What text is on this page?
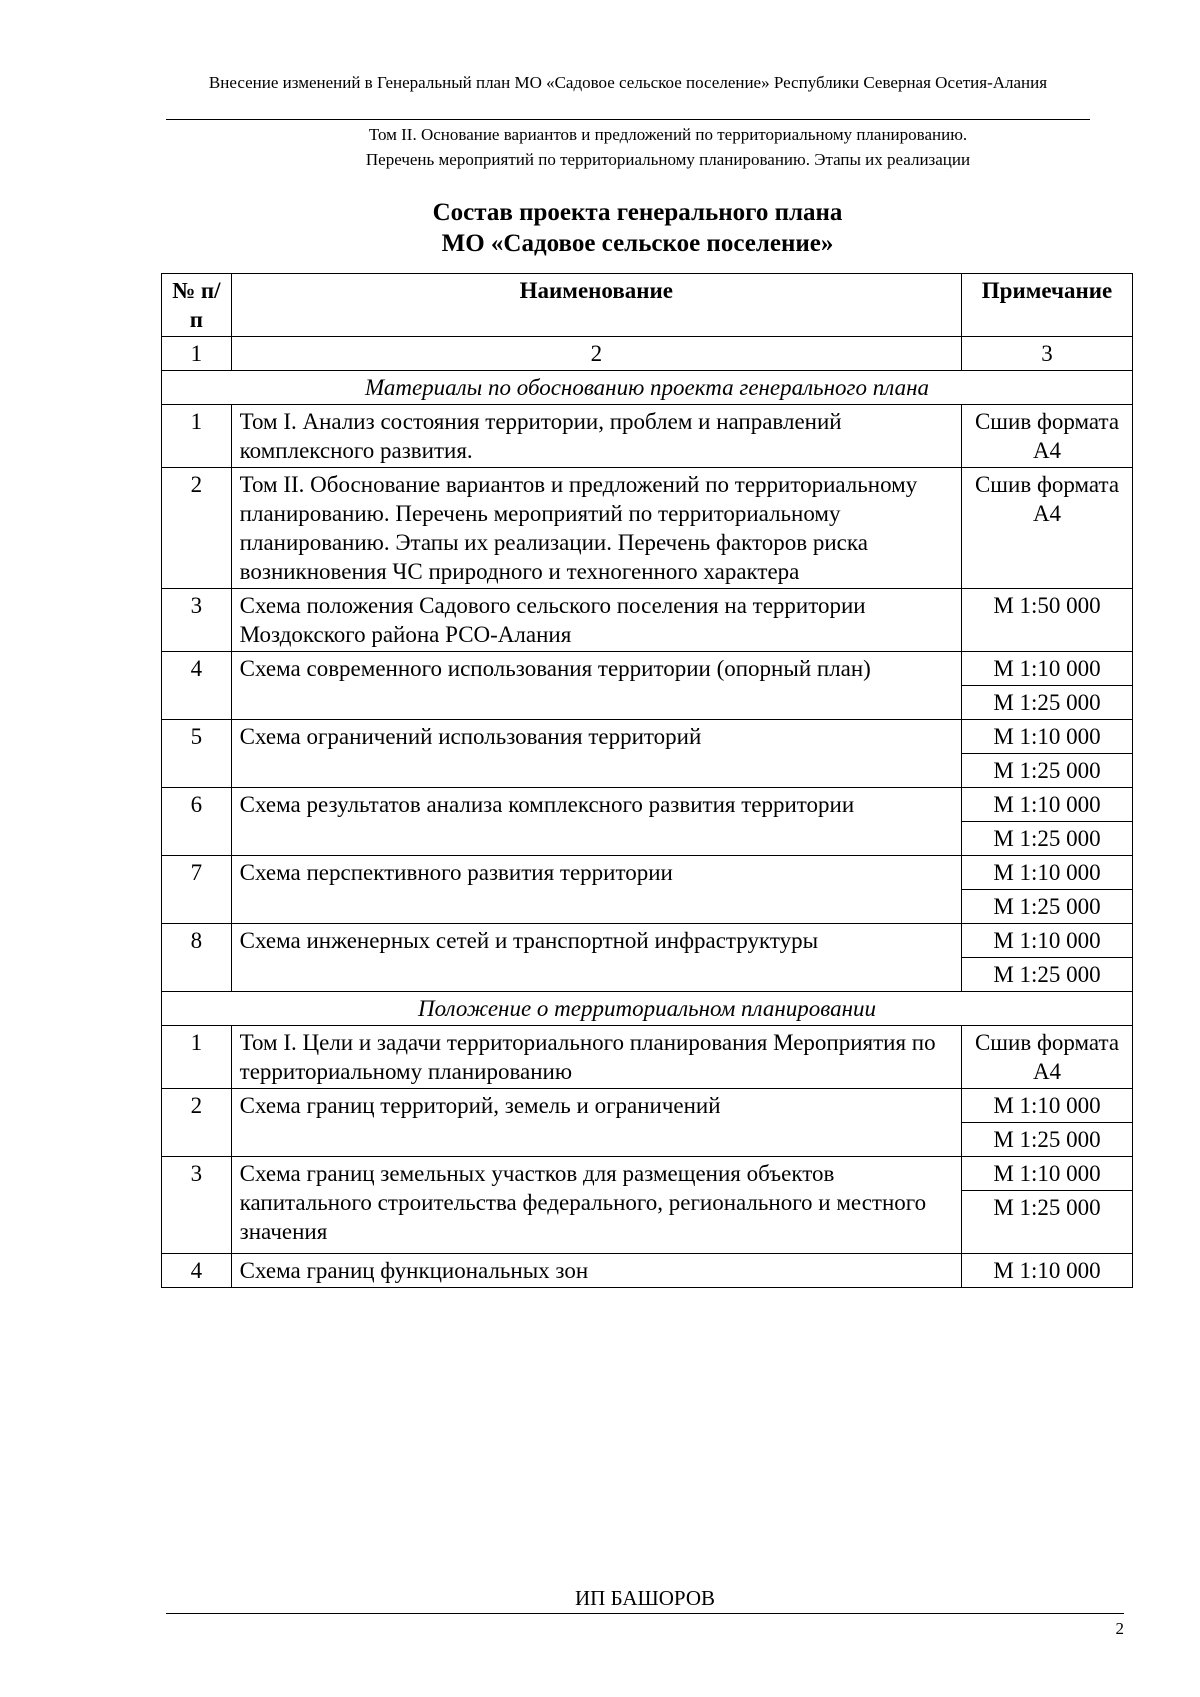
Внесение изменений в Генеральный план МО «Садовое сельское поселение» Республики Северная Осетия-Алания
Том II. Основание вариантов и предложений по территориальному планированию.
Перечень мероприятий по территориальному планированию. Этапы их реализации
Состав проекта генерального плана
МО «Садовое сельское поселение»
№ п/п	Наименование	Примечание
1	2	3
Материалы по обоснованию проекта генерального плана		
1	Том I. Анализ состояния территории, проблем и направлений комплексного развития.	Сшив формата А4
2	Том II. Обоснование вариантов и предложений по территориальному планированию. Перечень мероприятий по территориальному планированию. Этапы их реализации. Перечень факторов риска возникновения ЧС природного и техногенного характера	Сшив формата А4
3	Схема положения Садового сельского поселения на территории Моздокского района РСО-Алания	М 1:50 000
4	Схема современного использования территории (опорный план)	М 1:10 000
		М 1:25 000
5	Схема ограничений использования территорий	М 1:10 000
		М 1:25 000
6	Схема результатов анализа комплексного развития территории	М 1:10 000
		М 1:25 000
7	Схема перспективного развития территории	М 1:10 000
		М 1:25 000
8	Схема инженерных сетей и транспортной инфраструктуры	М 1:10 000
		М 1:25 000
Положение о территориальном планировании		
1	Том I. Цели и задачи территориального планирования Мероприятия по территориальному планированию	Сшив формата А4
2	Схема границ территорий, земель и ограничений	М 1:10 000
		М 1:25 000
3	Схема границ земельных участков для размещения объектов капитального строительства федерального, регионального и местного значения	М 1:10 000
		М 1:25 000
4	Схема границ функциональных зон	М 1:10 000
ИП БАШОРОВ
2
